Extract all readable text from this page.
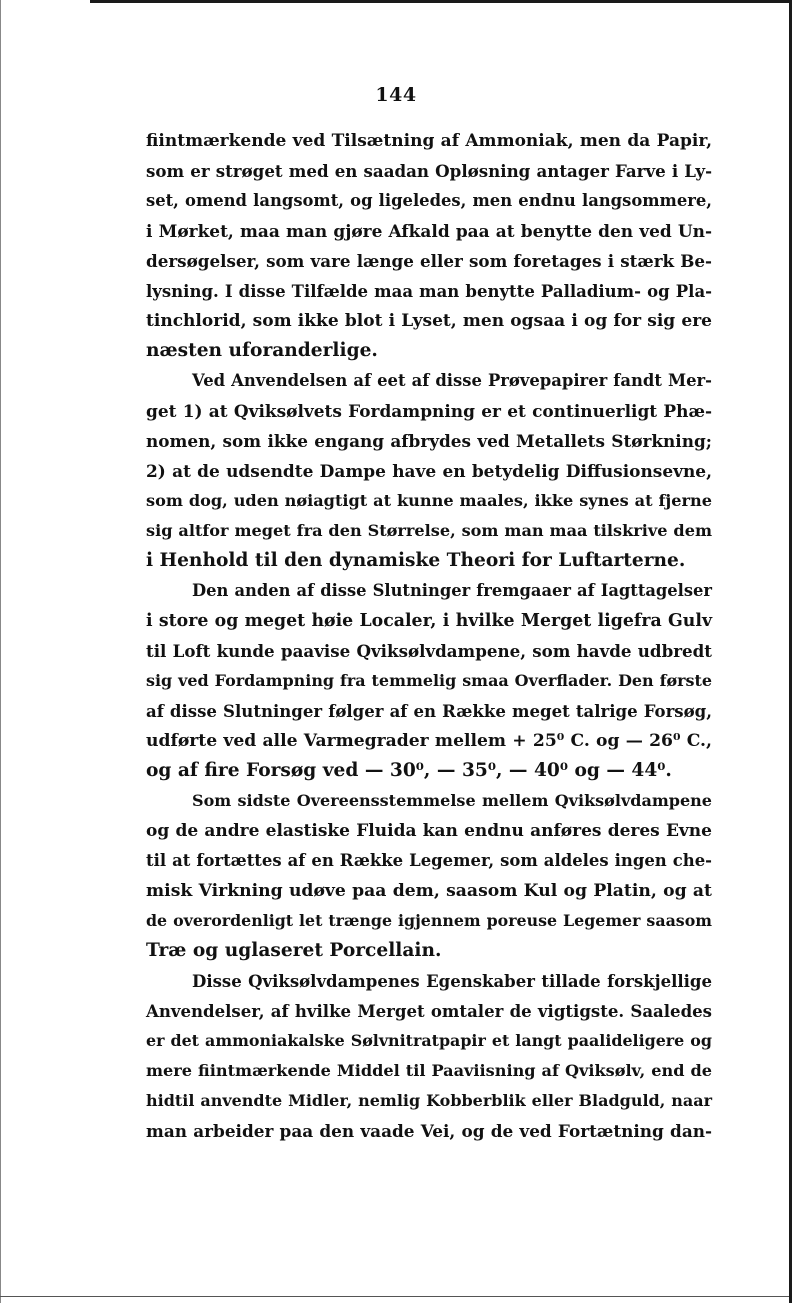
144
fiintmærkende ved Tilsætning af Ammoniak, men da Papir,
som er strøget med en saadan Opløsning antager Farve i Ly-
set, omend langsomt, og ligeledes, men endnu langsommere,
i Mørket, maa man gjøre Afkald paa at benytte den ved Un-
dersøgelser, som vare længe eller som foretages i stærk Be-
lysning. I disse Tilfælde maa man benytte Palladium- og Pla-
tinchlorid, som ikke blot i Lyset, men ogsaa i og for sig ere
næsten uforanderlige.
Ved Anvendelsen af eet af disse Prøvepapirer fandt Mer-
get 1) at Qviksølvets Fordampning er et continuerligt Phæ-
nomen, som ikke engang afbrydes ved Metallets Størkning;
2) at de udsendte Dampe have en betydelig Diffusionsevne,
som dog, uden nøiagtigt at kunne maales, ikke synes at fjerne
sig altfor meget fra den Størrelse, som man maa tilskrive dem
i Henhold til den dynamiske Theori for Luftarterne.
Den anden af disse Slutninger fremgaaer af Iagttagelser
i store og meget høie Localer, i hvilke Merget ligefra Gulv
til Loft kunde paavise Qviksølvdampene, som havde udbredt
sig ved Fordampning fra temmelig smaa Overflader. Den første
af disse Slutninger følger af en Række meget talrige Forsøg,
udførte ved alle Varmegrader mellem + 25⁰ C. og — 26⁰ C.,
og af fire Forsøg ved — 30⁰, — 35⁰, — 40⁰ og — 44⁰.
Som sidste Overeensstemmelse mellem Qviksølvdampene
og de andre elastiske Fluida kan endnu anføres deres Evne
til at fortættes af en Række Legemer, som aldeles ingen che-
misk Virkning udøve paa dem, saasom Kul og Platin, og at
de overordenligt let trænge igjennem poreuse Legemer saasom
Træ og uglaseret Porcellain.
Disse Qviksølvdampenes Egenskaber tillade forskjellige
Anvendelser, af hvilke Merget omtaler de vigtigste. Saaledes
er det ammoniakalske Sølvnitratpapir et langt paalideligere og
mere fiintmærkende Middel til Paaviisning af Qviksølv, end de
hidtil anvendte Midler, nemlig Kobberblik eller Bladguld, naar
man arbeider paa den vaade Vei, og de ved Fortætning dan-
